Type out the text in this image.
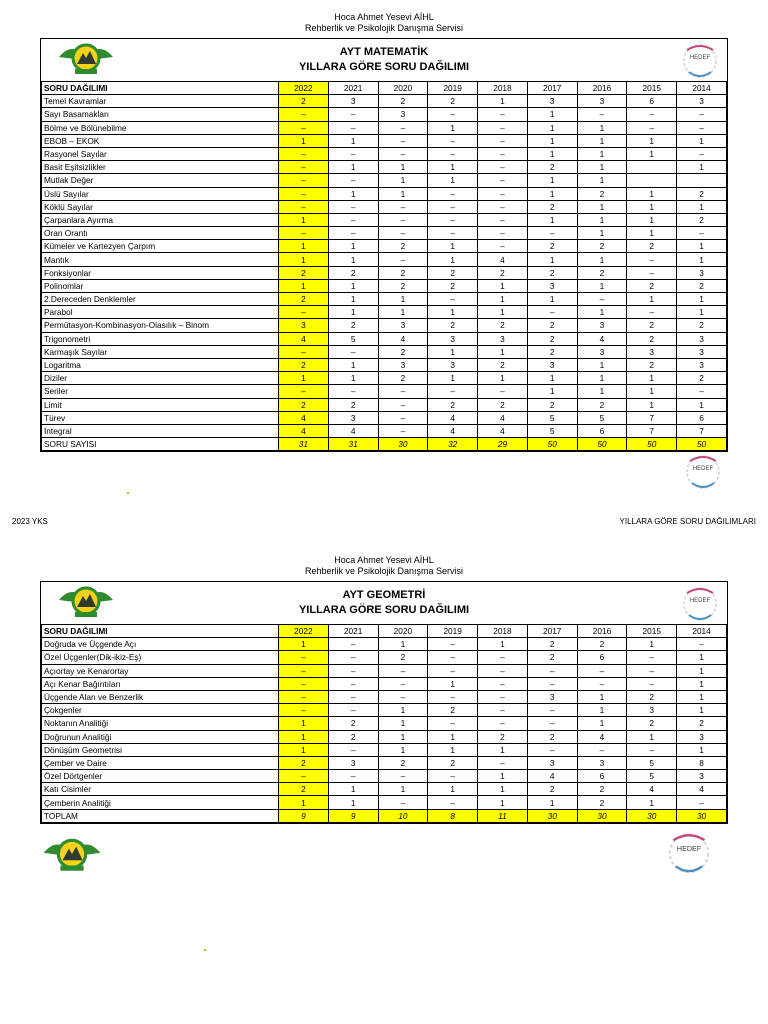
Hoca Ahmet Yesevi AİHL
Rehberlik ve Psikolojik Danışma Servisi
AYT MATEMATİK
YILLARA GÖRE SORU DAĞILIMI
HEDEF
SORU DAĞILIMI	2022	2021	2020	2019	2018	2017	2016	2015	2014
Temel Kavramlar	2	3	2	2	1	3	3	6	3
Sayı Basamakları	–	–	3	–	–	1	–	–	–
Bölme ve Bölünebilme	–	–	–	1	–	1	1	–	–
EBOB – EKOK	1	1	–	–	–	1	1	1	1
Rasyonel Sayılar	–	–	–	–	–	1	1	1	–
Basit Eşitsizlikler	–	1	1	1	–	2	1		1
Mutlak Değer	–	–	1	1	–	1	1		
Üslü Sayılar	–	1	1	–	–	1	2	1	2
Köklü Sayılar	–	–	–	–	–	2	1	1	1
Çarpanlara Ayırma	1	–	–	–	–	1	1	1	2
Oran Orantı	–	–	–	–	–	–	1	1	–
Kümeler ve Kartezyen Çarpım	1	1	2	1	–	2	2	2	1
Mantık	1	1	–	1	4	1	1	–	1
Fonksiyonlar	2	2	2	2	2	2	2	–	3
Polinomlar	1	1	2	2	1	3	1	2	2
2.Dereceden Denklemler	2	1	1	–	1	1	–	1	1
Parabol	–	1	1	1	1	–	1	–	1
Permütasyon-Kombinasyon-Olasılık – Binom	3	2	3	2	2	2	3	2	2
Trigonometri	4	5	4	3	3	2	4	2	3
Karmaşık Sayılar	–	–	2	1	1	2	3	3	3
Logaritma	2	1	3	3	2	3	1	2	3
Diziler	1	1	2	1	1	1	1	1	2
Seriler	–	–	–	–	–	1	1	1	–
Limit	2	2	–	2	2	2	2	1	1
Türev	4	3	–	4	4	5	5	7	6
İntegral	4	4	–	4	4	5	6	7	7
SORU SAYISI	31	31	30	32	29	50	50	50	50
HEDEF
2023 YKS	YILLARA GÖRE SORU DAĞILIMLARI
Hoca Ahmet Yesevi AİHL
Rehberlik ve Psikolojik Danışma Servisi
AYT GEOMETRİ
YILLARA GÖRE SORU DAĞILIMI
HEDEF
SORU DAĞILIMI	2022	2021	2020	2019	2018	2017	2016	2015	2014
Doğruda ve Üçgende Açı	1	–	1	–	1	2	2	1	–
Özel Üçgenler(Dik-ikiz-Eş)	–	–	2	–	–	2	6	–	1
Açıortay ve Kenarortay	–	–	–	–	–	–	–	–	1
Açı Kenar Bağıntıları	–	–	–	1	–	–	–	–	1
Üçgende Alan ve Benzerlik	–	–	–	–	–	3	1	2	1
Çokgenler	–	–	1	2	–	–	1	3	1
Noktanın Analitiği	1	2	1	–	–	–	1	2	2
Doğrunun Analitiği	1	2	1	1	2	2	4	1	3
Dönüşüm Geometrisi	1	–	1	1	1	–	–	–	1
Çember ve Daire	2	3	2	2	–	3	3	5	8
Özel Dörtgenler	–	–	–	–	1	4	6	5	3
Katı Cisimler	2	1	1	1	1	2	2	4	4
Çemberin Analitiği	1	1	–	–	1	1	2	1	–
TOPLAM	9	9	10	8	11	30	30	30	30
HEDEF
